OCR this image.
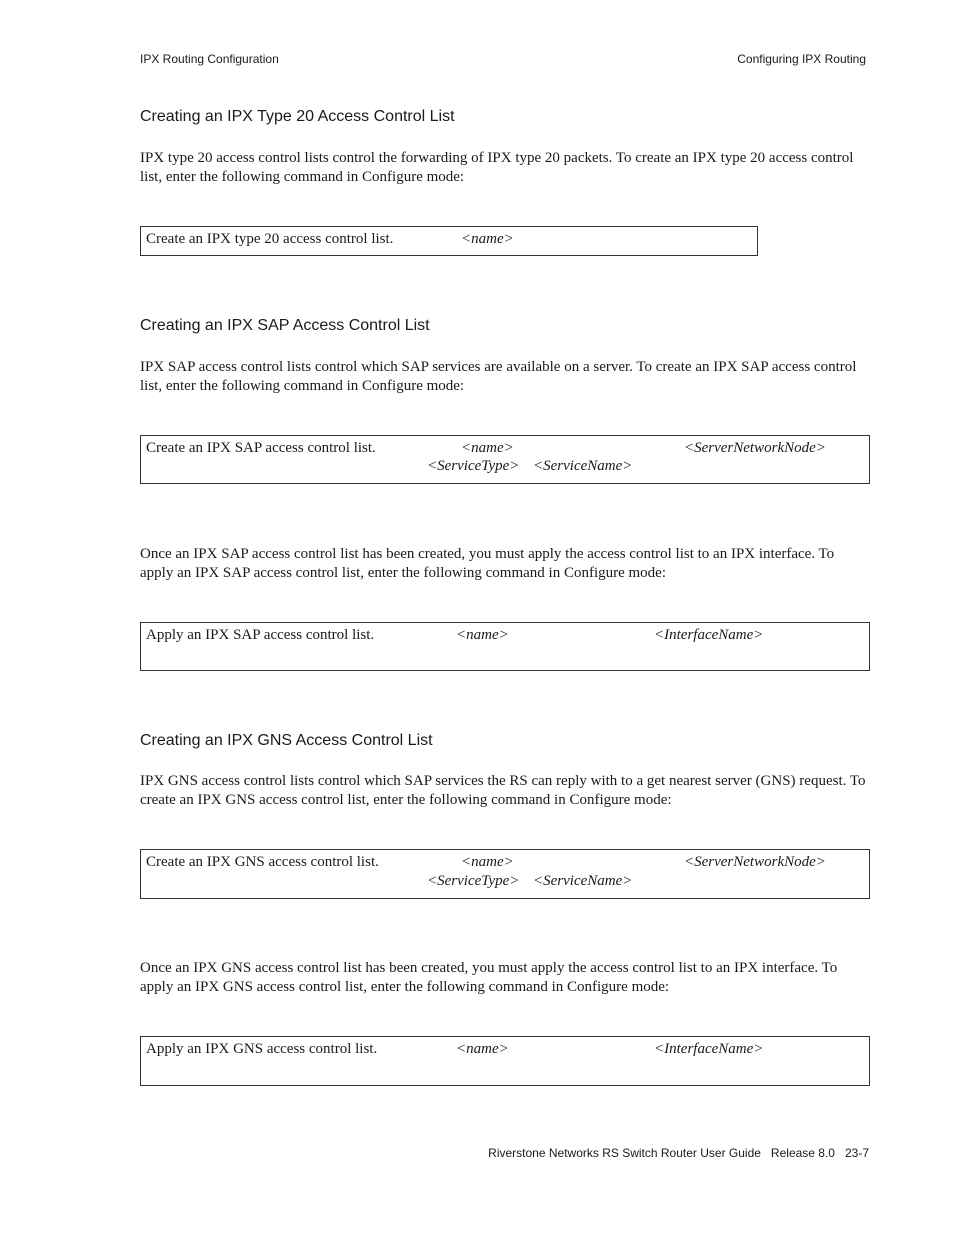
IPX Routing Configuration	Configuring IPX Routing
Creating an IPX Type 20 Access Control List
IPX type 20 access control lists control the forwarding of IPX type 20 packets. To create an IPX type 20 access control list, enter the following command in Configure mode:
Create an IPX type 20 access control list.	<name>
Creating an IPX SAP Access Control List
IPX SAP access control lists control which SAP services are available on a server. To create an IPX SAP access control list, enter the following command in Configure mode:
Create an IPX SAP access control list.	<name>	<ServerNetworkNode>
<ServiceType> <ServiceName>
Once an IPX SAP access control list has been created, you must apply the access control list to an IPX interface. To apply an IPX SAP access control list, enter the following command in Configure mode:
Apply an IPX SAP access control list.	<name>	<InterfaceName>
Creating an IPX GNS Access Control List
IPX GNS access control lists control which SAP services the RS can reply with to a get nearest server (GNS) request. To create an IPX GNS access control list, enter the following command in Configure mode:
Create an IPX GNS access control list.	<name>	<ServerNetworkNode>
<ServiceType> <ServiceName>
Once an IPX GNS access control list has been created, you must apply the access control list to an IPX interface. To apply an IPX GNS access control list, enter the following command in Configure mode:
Apply an IPX GNS access control list.	<name>	<InterfaceName>
Riverstone Networks RS Switch Router User Guide   Release 8.0   23-7
